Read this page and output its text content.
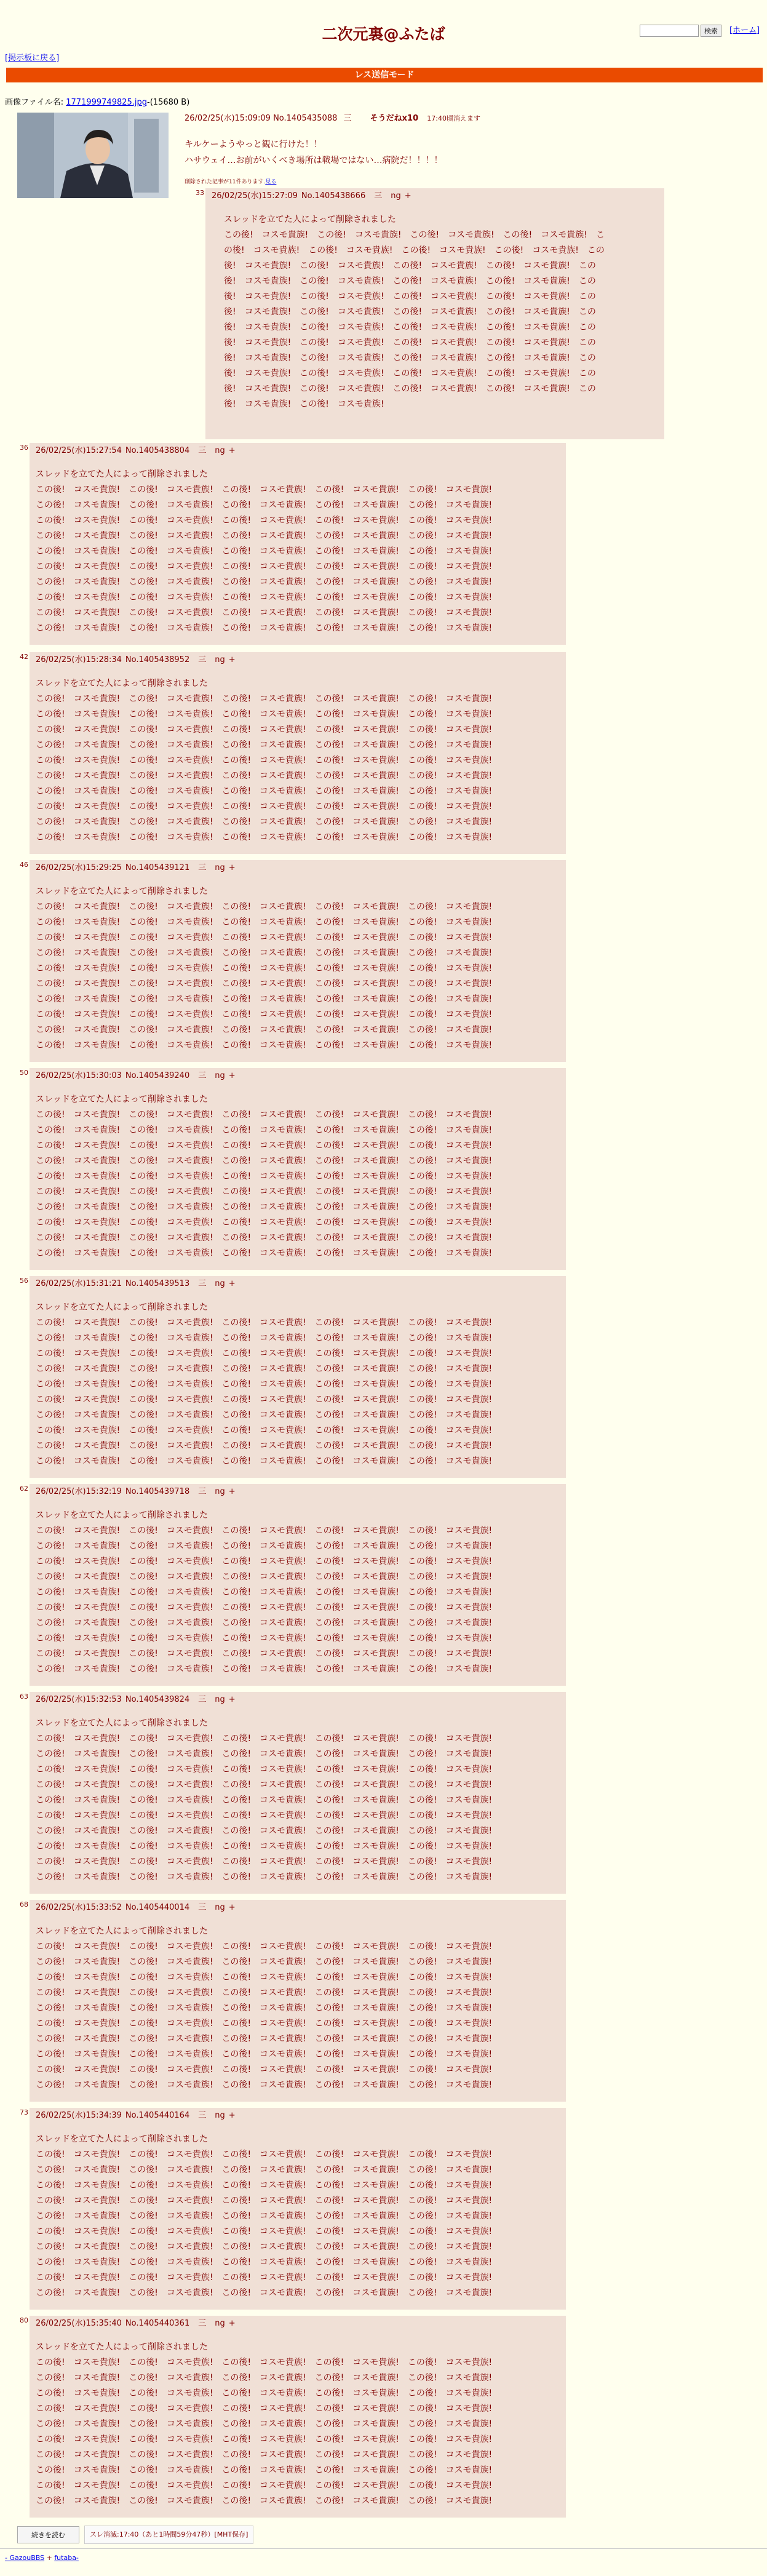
二次元裏@ふたば	検索	[ホーム]
[掲示板に戻る]
レス送信モード
画像ファイル名: 1771999749825.jpg-(15680 B)
26/02/25(水)15:09:09 No.1405435088 三 そうだねx10 17:40頃消えます
キルケーようやっと観に行けた！！
ハサウェイ…お前がいくべき場所は戦場ではない…病院だ！！！！
削除された記事が11件あります.見る
33 26/02/25(水)15:27:09 No.1405438666 三 ng +
スレッドを立てた人によって削除されました
この後!　コスモ貴族!　この後!　コスモ貴族!　この後!　コスモ貴族!　この後!　コスモ貴族!　こ
の後!　コスモ貴族!　この後!　コスモ貴族!　この後!　コスモ貴族!　この後!　コスモ貴族!　この
後!　コスモ貴族!　この後!　コスモ貴族!　この後!　コスモ貴族!　この後!　コスモ貴族!　この
後!　コスモ貴族!　この後!　コスモ貴族!　この後!　コスモ貴族!　この後!　コスモ貴族!　この
後!　コスモ貴族!　この後!　コスモ貴族!　この後!　コスモ貴族!　この後!　コスモ貴族!　この
後!　コスモ貴族!　この後!　コスモ貴族!　この後!　コスモ貴族!　この後!　コスモ貴族!　この
後!　コスモ貴族!　この後!　コスモ貴族!　この後!　コスモ貴族!　この後!　コスモ貴族!　この
後!　コスモ貴族!　この後!　コスモ貴族!　この後!　コスモ貴族!　この後!　コスモ貴族!　この
後!　コスモ貴族!　この後!　コスモ貴族!　この後!　コスモ貴族!　この後!　コスモ貴族!　この
後!　コスモ貴族!　この後!　コスモ貴族!　この後!　コスモ貴族!　この後!　コスモ貴族!　この
後!　コスモ貴族!　この後!　コスモ貴族!　この後!　コスモ貴族!　この後!　コスモ貴族!　この
後!　コスモ貴族!　この後!　コスモ貴族!
36 26/02/25(水)15:27:54 No.1405438804 三 ng +
スレッドを立てた人によって削除されました
この後!　コスモ貴族!　この後!　コスモ貴族!　この後!　コスモ貴族!　この後!　コスモ貴族!　この後!　コスモ貴族!
この後!　コスモ貴族!　この後!　コスモ貴族!　この後!　コスモ貴族!　この後!　コスモ貴族!　この後!　コスモ貴族!
この後!　コスモ貴族!　この後!　コスモ貴族!　この後!　コスモ貴族!　この後!　コスモ貴族!　この後!　コスモ貴族!
この後!　コスモ貴族!　この後!　コスモ貴族!　この後!　コスモ貴族!　この後!　コスモ貴族!　この後!　コスモ貴族!
この後!　コスモ貴族!　この後!　コスモ貴族!　この後!　コスモ貴族!　この後!　コスモ貴族!　この後!　コスモ貴族!
この後!　コスモ貴族!　この後!　コスモ貴族!　この後!　コスモ貴族!　この後!　コスモ貴族!　この後!　コスモ貴族!
この後!　コスモ貴族!　この後!　コスモ貴族!　この後!　コスモ貴族!　この後!　コスモ貴族!　この後!　コスモ貴族!
この後!　コスモ貴族!　この後!　コスモ貴族!　この後!　コスモ貴族!　この後!　コスモ貴族!　この後!　コスモ貴族!
この後!　コスモ貴族!　この後!　コスモ貴族!　この後!　コスモ貴族!　この後!　コスモ貴族!　この後!　コスモ貴族!
この後!　コスモ貴族!　この後!　コスモ貴族!　この後!　コスモ貴族!　この後!　コスモ貴族!　この後!　コスモ貴族!
42 26/02/25(水)15:28:34 No.1405438952 三 ng +
スレッドを立てた人によって削除されました
この後!　コスモ貴族!　この後!　コスモ貴族!　この後!　コスモ貴族!　この後!　コスモ貴族!　この後!　コスモ貴族!
この後!　コスモ貴族!　この後!　コスモ貴族!　この後!　コスモ貴族!　この後!　コスモ貴族!　この後!　コスモ貴族!
この後!　コスモ貴族!　この後!　コスモ貴族!　この後!　コスモ貴族!　この後!　コスモ貴族!　この後!　コスモ貴族!
この後!　コスモ貴族!　この後!　コスモ貴族!　この後!　コスモ貴族!　この後!　コスモ貴族!　この後!　コスモ貴族!
この後!　コスモ貴族!　この後!　コスモ貴族!　この後!　コスモ貴族!　この後!　コスモ貴族!　この後!　コスモ貴族!
この後!　コスモ貴族!　この後!　コスモ貴族!　この後!　コスモ貴族!　この後!　コスモ貴族!　この後!　コスモ貴族!
この後!　コスモ貴族!　この後!　コスモ貴族!　この後!　コスモ貴族!　この後!　コスモ貴族!　この後!　コスモ貴族!
この後!　コスモ貴族!　この後!　コスモ貴族!　この後!　コスモ貴族!　この後!　コスモ貴族!　この後!　コスモ貴族!
この後!　コスモ貴族!　この後!　コスモ貴族!　この後!　コスモ貴族!　この後!　コスモ貴族!　この後!　コスモ貴族!
この後!　コスモ貴族!　この後!　コスモ貴族!　この後!　コスモ貴族!　この後!　コスモ貴族!　この後!　コスモ貴族!
46 26/02/25(水)15:29:25 No.1405439121 三 ng +
スレッドを立てた人によって削除されました
この後!　コスモ貴族!　この後!　コスモ貴族!　この後!　コスモ貴族!　この後!　コスモ貴族!　この後!　コスモ貴族!
この後!　コスモ貴族!　この後!　コスモ貴族!　この後!　コスモ貴族!　この後!　コスモ貴族!　この後!　コスモ貴族!
この後!　コスモ貴族!　この後!　コスモ貴族!　この後!　コスモ貴族!　この後!　コスモ貴族!　この後!　コスモ貴族!
この後!　コスモ貴族!　この後!　コスモ貴族!　この後!　コスモ貴族!　この後!　コスモ貴族!　この後!　コスモ貴族!
この後!　コスモ貴族!　この後!　コスモ貴族!　この後!　コスモ貴族!　この後!　コスモ貴族!　この後!　コスモ貴族!
この後!　コスモ貴族!　この後!　コスモ貴族!　この後!　コスモ貴族!　この後!　コスモ貴族!　この後!　コスモ貴族!
この後!　コスモ貴族!　この後!　コスモ貴族!　この後!　コスモ貴族!　この後!　コスモ貴族!　この後!　コスモ貴族!
この後!　コスモ貴族!　この後!　コスモ貴族!　この後!　コスモ貴族!　この後!　コスモ貴族!　この後!　コスモ貴族!
この後!　コスモ貴族!　この後!　コスモ貴族!　この後!　コスモ貴族!　この後!　コスモ貴族!　この後!　コスモ貴族!
この後!　コスモ貴族!　この後!　コスモ貴族!　この後!　コスモ貴族!　この後!　コスモ貴族!　この後!　コスモ貴族!
50 26/02/25(水)15:30:03 No.1405439240 三 ng +
スレッドを立てた人によって削除されました
この後!　コスモ貴族!　この後!　コスモ貴族!　この後!　コスモ貴族!　この後!　コスモ貴族!　この後!　コスモ貴族!
この後!　コスモ貴族!　この後!　コスモ貴族!　この後!　コスモ貴族!　この後!　コスモ貴族!　この後!　コスモ貴族!
この後!　コスモ貴族!　この後!　コスモ貴族!　この後!　コスモ貴族!　この後!　コスモ貴族!　この後!　コスモ貴族!
この後!　コスモ貴族!　この後!　コスモ貴族!　この後!　コスモ貴族!　この後!　コスモ貴族!　この後!　コスモ貴族!
この後!　コスモ貴族!　この後!　コスモ貴族!　この後!　コスモ貴族!　この後!　コスモ貴族!　この後!　コスモ貴族!
この後!　コスモ貴族!　この後!　コスモ貴族!　この後!　コスモ貴族!　この後!　コスモ貴族!　この後!　コスモ貴族!
この後!　コスモ貴族!　この後!　コスモ貴族!　この後!　コスモ貴族!　この後!　コスモ貴族!　この後!　コスモ貴族!
この後!　コスモ貴族!　この後!　コスモ貴族!　この後!　コスモ貴族!　この後!　コスモ貴族!　この後!　コスモ貴族!
この後!　コスモ貴族!　この後!　コスモ貴族!　この後!　コスモ貴族!　この後!　コスモ貴族!　この後!　コスモ貴族!
この後!　コスモ貴族!　この後!　コスモ貴族!　この後!　コスモ貴族!　この後!　コスモ貴族!　この後!　コスモ貴族!
56 26/02/25(水)15:31:21 No.1405439513 三 ng +
スレッドを立てた人によって削除されました
この後!　コスモ貴族!　この後!　コスモ貴族!　この後!　コスモ貴族!　この後!　コスモ貴族!　この後!　コスモ貴族!
この後!　コスモ貴族!　この後!　コスモ貴族!　この後!　コスモ貴族!　この後!　コスモ貴族!　この後!　コスモ貴族!
この後!　コスモ貴族!　この後!　コスモ貴族!　この後!　コスモ貴族!　この後!　コスモ貴族!　この後!　コスモ貴族!
この後!　コスモ貴族!　この後!　コスモ貴族!　この後!　コスモ貴族!　この後!　コスモ貴族!　この後!　コスモ貴族!
この後!　コスモ貴族!　この後!　コスモ貴族!　この後!　コスモ貴族!　この後!　コスモ貴族!　この後!　コスモ貴族!
この後!　コスモ貴族!　この後!　コスモ貴族!　この後!　コスモ貴族!　この後!　コスモ貴族!　この後!　コスモ貴族!
この後!　コスモ貴族!　この後!　コスモ貴族!　この後!　コスモ貴族!　この後!　コスモ貴族!　この後!　コスモ貴族!
この後!　コスモ貴族!　この後!　コスモ貴族!　この後!　コスモ貴族!　この後!　コスモ貴族!　この後!　コスモ貴族!
この後!　コスモ貴族!　この後!　コスモ貴族!　この後!　コスモ貴族!　この後!　コスモ貴族!　この後!　コスモ貴族!
この後!　コスモ貴族!　この後!　コスモ貴族!　この後!　コスモ貴族!　この後!　コスモ貴族!　この後!　コスモ貴族!
62 26/02/25(水)15:32:19 No.1405439718 三 ng +
スレッドを立てた人によって削除されました
この後!　コスモ貴族!　この後!　コスモ貴族!　この後!　コスモ貴族!　この後!　コスモ貴族!　この後!　コスモ貴族!
この後!　コスモ貴族!　この後!　コスモ貴族!　この後!　コスモ貴族!　この後!　コスモ貴族!　この後!　コスモ貴族!
この後!　コスモ貴族!　この後!　コスモ貴族!　この後!　コスモ貴族!　この後!　コスモ貴族!　この後!　コスモ貴族!
この後!　コスモ貴族!　この後!　コスモ貴族!　この後!　コスモ貴族!　この後!　コスモ貴族!　この後!　コスモ貴族!
この後!　コスモ貴族!　この後!　コスモ貴族!　この後!　コスモ貴族!　この後!　コスモ貴族!　この後!　コスモ貴族!
この後!　コスモ貴族!　この後!　コスモ貴族!　この後!　コスモ貴族!　この後!　コスモ貴族!　この後!　コスモ貴族!
この後!　コスモ貴族!　この後!　コスモ貴族!　この後!　コスモ貴族!　この後!　コスモ貴族!　この後!　コスモ貴族!
この後!　コスモ貴族!　この後!　コスモ貴族!　この後!　コスモ貴族!　この後!　コスモ貴族!　この後!　コスモ貴族!
この後!　コスモ貴族!　この後!　コスモ貴族!　この後!　コスモ貴族!　この後!　コスモ貴族!　この後!　コスモ貴族!
この後!　コスモ貴族!　この後!　コスモ貴族!　この後!　コスモ貴族!　この後!　コスモ貴族!　この後!　コスモ貴族!
63 26/02/25(水)15:32:53 No.1405439824 三 ng +
スレッドを立てた人によって削除されました
この後!　コスモ貴族!　この後!　コスモ貴族!　この後!　コスモ貴族!　この後!　コスモ貴族!　この後!　コスモ貴族!
この後!　コスモ貴族!　この後!　コスモ貴族!　この後!　コスモ貴族!　この後!　コスモ貴族!　この後!　コスモ貴族!
この後!　コスモ貴族!　この後!　コスモ貴族!　この後!　コスモ貴族!　この後!　コスモ貴族!　この後!　コスモ貴族!
この後!　コスモ貴族!　この後!　コスモ貴族!　この後!　コスモ貴族!　この後!　コスモ貴族!　この後!　コスモ貴族!
この後!　コスモ貴族!　この後!　コスモ貴族!　この後!　コスモ貴族!　この後!　コスモ貴族!　この後!　コスモ貴族!
この後!　コスモ貴族!　この後!　コスモ貴族!　この後!　コスモ貴族!　この後!　コスモ貴族!　この後!　コスモ貴族!
この後!　コスモ貴族!　この後!　コスモ貴族!　この後!　コスモ貴族!　この後!　コスモ貴族!　この後!　コスモ貴族!
この後!　コスモ貴族!　この後!　コスモ貴族!　この後!　コスモ貴族!　この後!　コスモ貴族!　この後!　コスモ貴族!
この後!　コスモ貴族!　この後!　コスモ貴族!　この後!　コスモ貴族!　この後!　コスモ貴族!　この後!　コスモ貴族!
この後!　コスモ貴族!　この後!　コスモ貴族!　この後!　コスモ貴族!　この後!　コスモ貴族!　この後!　コスモ貴族!
68 26/02/25(水)15:33:52 No.1405440014 三 ng +
スレッドを立てた人によって削除されました
この後!　コスモ貴族!　この後!　コスモ貴族!　この後!　コスモ貴族!　この後!　コスモ貴族!　この後!　コスモ貴族!
この後!　コスモ貴族!　この後!　コスモ貴族!　この後!　コスモ貴族!　この後!　コスモ貴族!　この後!　コスモ貴族!
この後!　コスモ貴族!　この後!　コスモ貴族!　この後!　コスモ貴族!　この後!　コスモ貴族!　この後!　コスモ貴族!
この後!　コスモ貴族!　この後!　コスモ貴族!　この後!　コスモ貴族!　この後!　コスモ貴族!　この後!　コスモ貴族!
この後!　コスモ貴族!　この後!　コスモ貴族!　この後!　コスモ貴族!　この後!　コスモ貴族!　この後!　コスモ貴族!
この後!　コスモ貴族!　この後!　コスモ貴族!　この後!　コスモ貴族!　この後!　コスモ貴族!　この後!　コスモ貴族!
この後!　コスモ貴族!　この後!　コスモ貴族!　この後!　コスモ貴族!　この後!　コスモ貴族!　この後!　コスモ貴族!
この後!　コスモ貴族!　この後!　コスモ貴族!　この後!　コスモ貴族!　この後!　コスモ貴族!　この後!　コスモ貴族!
この後!　コスモ貴族!　この後!　コスモ貴族!　この後!　コスモ貴族!　この後!　コスモ貴族!　この後!　コスモ貴族!
この後!　コスモ貴族!　この後!　コスモ貴族!　この後!　コスモ貴族!　この後!　コスモ貴族!　この後!　コスモ貴族!
73 26/02/25(水)15:34:39 No.1405440164 三 ng +
スレッドを立てた人によって削除されました
この後!　コスモ貴族!　この後!　コスモ貴族!　この後!　コスモ貴族!　この後!　コスモ貴族!　この後!　コスモ貴族!
この後!　コスモ貴族!　この後!　コスモ貴族!　この後!　コスモ貴族!　この後!　コスモ貴族!　この後!　コスモ貴族!
この後!　コスモ貴族!　この後!　コスモ貴族!　この後!　コスモ貴族!　この後!　コスモ貴族!　この後!　コスモ貴族!
この後!　コスモ貴族!　この後!　コスモ貴族!　この後!　コスモ貴族!　この後!　コスモ貴族!　この後!　コスモ貴族!
この後!　コスモ貴族!　この後!　コスモ貴族!　この後!　コスモ貴族!　この後!　コスモ貴族!　この後!　コスモ貴族!
この後!　コスモ貴族!　この後!　コスモ貴族!　この後!　コスモ貴族!　この後!　コスモ貴族!　この後!　コスモ貴族!
この後!　コスモ貴族!　この後!　コスモ貴族!　この後!　コスモ貴族!　この後!　コスモ貴族!　この後!　コスモ貴族!
この後!　コスモ貴族!　この後!　コスモ貴族!　この後!　コスモ貴族!　この後!　コスモ貴族!　この後!　コスモ貴族!
この後!　コスモ貴族!　この後!　コスモ貴族!　この後!　コスモ貴族!　この後!　コスモ貴族!　この後!　コスモ貴族!
この後!　コスモ貴族!　この後!　コスモ貴族!　この後!　コスモ貴族!　この後!　コスモ貴族!　この後!　コスモ貴族!
80 26/02/25(水)15:35:40 No.1405440361 三 ng +
スレッドを立てた人によって削除されました
この後!　コスモ貴族!　この後!　コスモ貴族!　この後!　コスモ貴族!　この後!　コスモ貴族!　この後!　コスモ貴族!
この後!　コスモ貴族!　この後!　コスモ貴族!　この後!　コスモ貴族!　この後!　コスモ貴族!　この後!　コスモ貴族!
この後!　コスモ貴族!　この後!　コスモ貴族!　この後!　コスモ貴族!　この後!　コスモ貴族!　この後!　コスモ貴族!
この後!　コスモ貴族!　この後!　コスモ貴族!　この後!　コスモ貴族!　この後!　コスモ貴族!　この後!　コスモ貴族!
この後!　コスモ貴族!　この後!　コスモ貴族!　この後!　コスモ貴族!　この後!　コスモ貴族!　この後!　コスモ貴族!
この後!　コスモ貴族!　この後!　コスモ貴族!　この後!　コスモ貴族!　この後!　コスモ貴族!　この後!　コスモ貴族!
この後!　コスモ貴族!　この後!　コスモ貴族!　この後!　コスモ貴族!　この後!　コスモ貴族!　この後!　コスモ貴族!
この後!　コスモ貴族!　この後!　コスモ貴族!　この後!　コスモ貴族!　この後!　コスモ貴族!　この後!　コスモ貴族!
この後!　コスモ貴族!　この後!　コスモ貴族!　この後!　コスモ貴族!　この後!　コスモ貴族!　この後!　コスモ貴族!
この後!　コスモ貴族!　この後!　コスモ貴族!　この後!　コスモ貴族!　この後!　コスモ貴族!　この後!　コスモ貴族!
続きを読む	スレ消滅:17:40（あと1時間59分47秒）[MHT保存]
- GazouBBS + futaba-
